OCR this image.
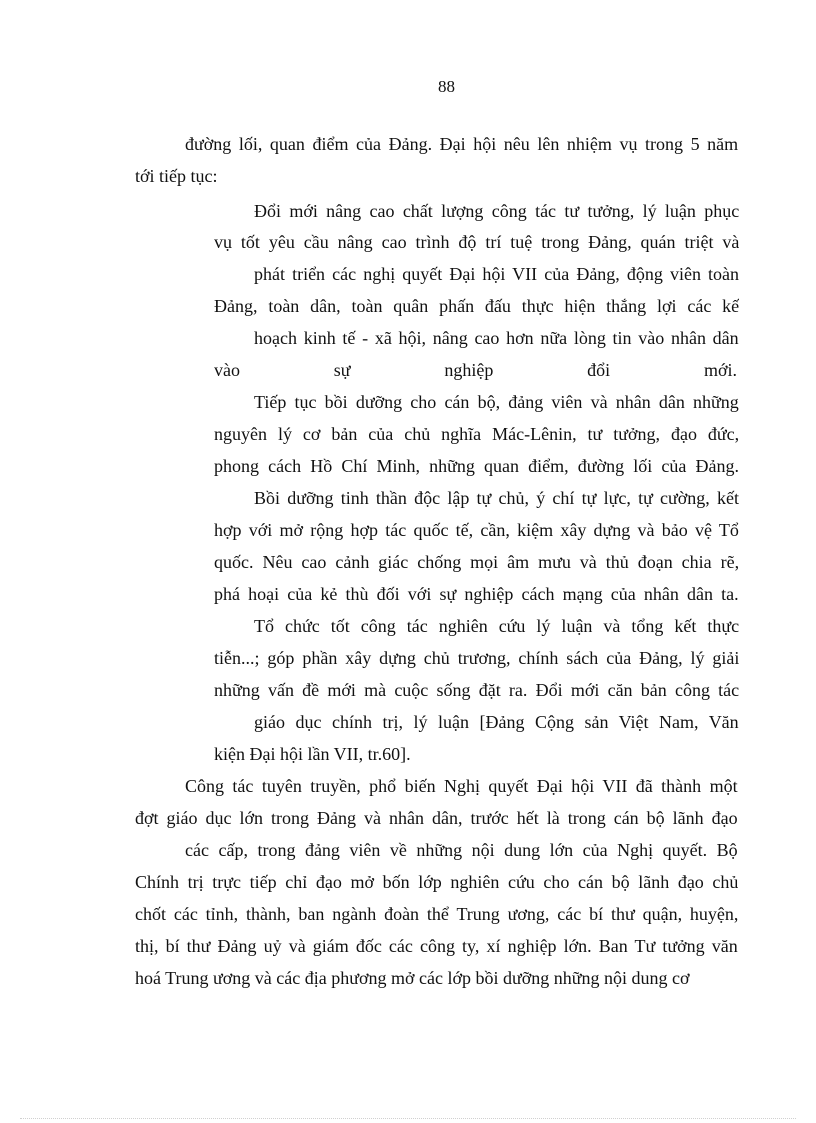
88
đường lối, quan điểm của Đảng. Đại hội nêu lên nhiệm vụ trong 5 năm
tới tiếp tục:
Đổi mới nâng cao chất lượng công tác tư tưởng, lý luận phục
vụ tốt yêu cầu nâng cao trình độ trí tuệ trong Đảng, quán triệt và
phát triển các nghị quyết Đại hội VII của Đảng, động viên toàn
Đảng, toàn dân, toàn quân phấn đấu thực hiện thắng lợi các kế
hoạch kinh tế - xã hội, nâng cao hơn nữa lòng tin vào nhân dân
vào	sự	nghiệp	đổi	mới.
Tiếp tục bồi dưỡng cho cán bộ, đảng viên và nhân dân những
nguyên lý cơ bản của chủ nghĩa Mác-Lênin, tư tưởng, đạo đức,
phong cách Hồ Chí Minh, những quan điểm, đường lối của Đảng.
Bồi dưỡng tinh thần độc lập tự chủ, ý chí tự lực, tự cường, kết
hợp với mở rộng hợp tác quốc tế, cần, kiệm xây dựng và bảo vệ Tổ
quốc. Nêu cao cảnh giác chống mọi âm mưu và thủ đoạn chia rẽ,
phá hoại của kẻ thù đối với sự nghiệp cách mạng của nhân dân ta.
Tổ chức tốt công tác nghiên cứu lý luận và tổng kết thực
tiễn...; góp phần xây dựng chủ trương, chính sách của Đảng, lý giải
những vấn đề mới mà cuộc sống đặt ra. Đổi mới căn bản công tác
giáo dục chính trị, lý luận [Đảng Cộng sản Việt Nam, Văn
kiện Đại hội lần VII, tr.60].
Công tác tuyên truyền, phổ biến Nghị quyết Đại hội VII đã thành một
đợt giáo dục lớn trong Đảng và nhân dân, trước hết là trong cán bộ lãnh đạo
các cấp, trong đảng viên về những nội dung lớn của Nghị quyết. Bộ
Chính trị trực tiếp chỉ đạo mở bốn lớp nghiên cứu cho cán bộ lãnh đạo chủ
chốt các tỉnh, thành, ban ngành đoàn thể Trung ương, các bí thư quận, huyện,
thị, bí thư Đảng uỷ và giám đốc các công ty, xí nghiệp lớn. Ban Tư tưởng văn
hoá Trung ương và các địa phương mở các lớp bồi dưỡng những nội dung cơ
